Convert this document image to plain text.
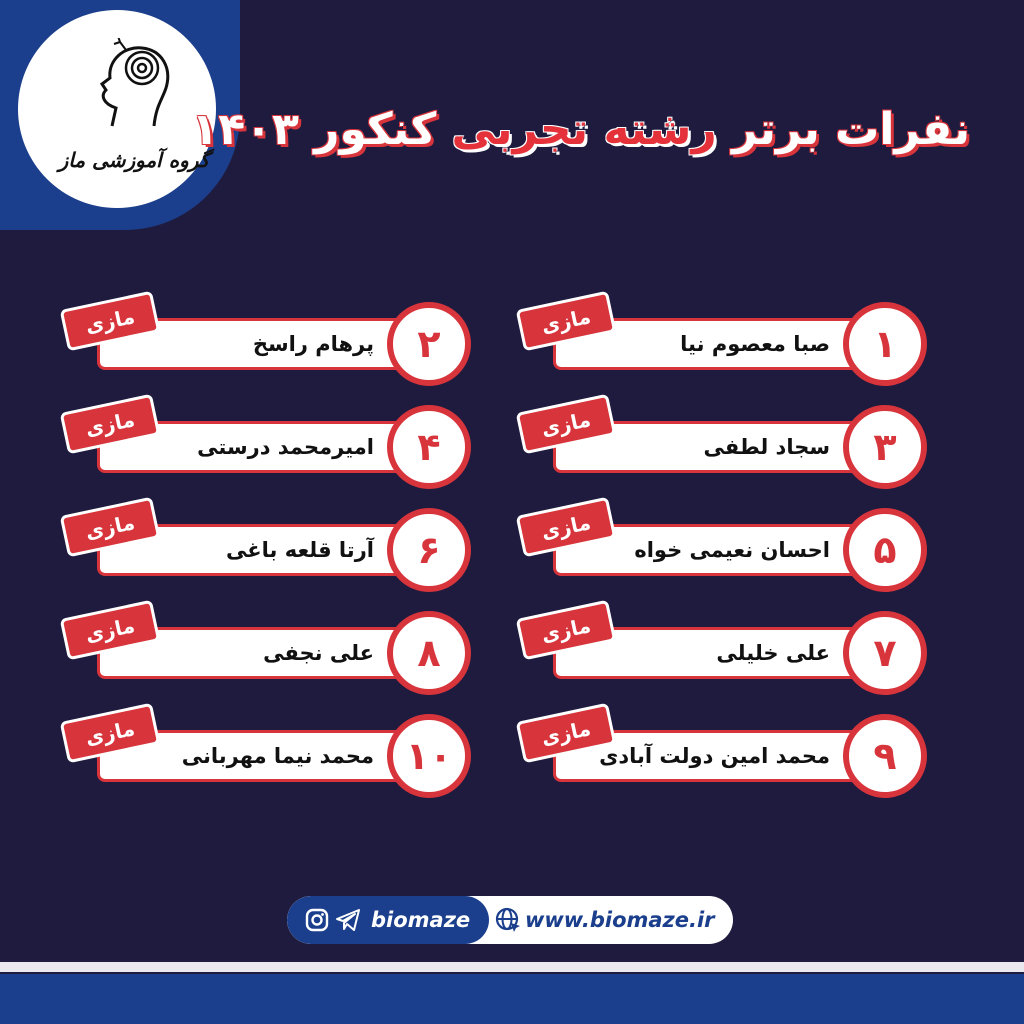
گروه آموزشی ماز
نفرات برتر رشته تجربی کنکور ۱۴۰۳
صبا معصوم نیا ۱
مازی
پرهام راسخ ۲
مازی
سجاد لطفی ۳
مازی
امیرمحمد درستی ۴
مازی
احسان نعیمی خواه ۵
مازی
آرتا قلعه باغی ۶
مازی
علی خلیلی ۷
مازی
علی نجفی ۸
مازی
محمد امین دولت آبادی ۹
مازی
محمد نیما مهربانی ۱۰
مازی
biomaze	www.biomaze.ir
